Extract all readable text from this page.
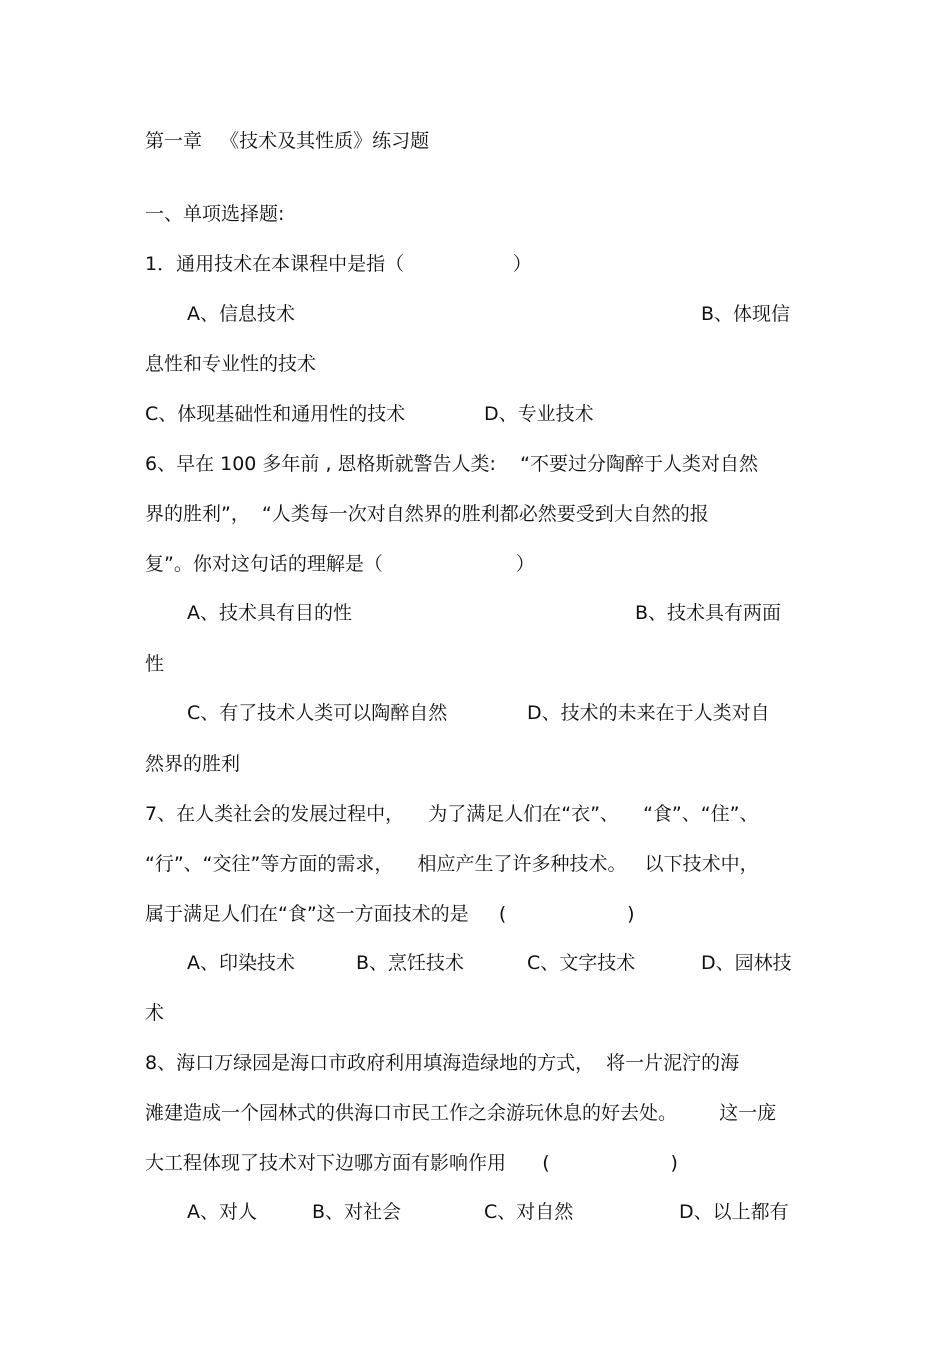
第一章   《技术及其性质》练习题
一、单项选择题:
1．通用技术在本课程中是指（                  ）
A、信息技术	B、体现信
息性和专业性的技术
C、体现基础性和通用性的技术	D、专业技术
6、早在 100 多年前 , 恩格斯就警告人类:    “不要过分陶醉于人类对自然
界的胜利”，  “人类每一次对自然界的胜利都必然要受到大自然的报
复”。你对这句话的理解是（                      ）
A、技术具有目的性	B、技术具有两面
性
C、有了技术人类可以陶醉自然	D、技术的未来在于人类对自
然界的胜利
7、在人类社会的发展过程中，    为了满足人们在“衣”、    “食”、“住”、
“行”、“交往”等方面的需求，    相应产生了许多种技术。   以下技术中，
属于满足人们在“食”这一方面技术的是     (                    )
A、印染技术	B、烹饪技术	C、文字技术	D、园林技
术
8、海口万绿园是海口市政府利用填海造绿地的方式，  将一片泥泞的海
滩建造成一个园林式的供海口市民工作之余游玩休息的好去处。       这一庞
大工程体现了技术对下边哪方面有影响作用      (                    )
A、对人	B、对社会	C、对自然	D、以上都有
